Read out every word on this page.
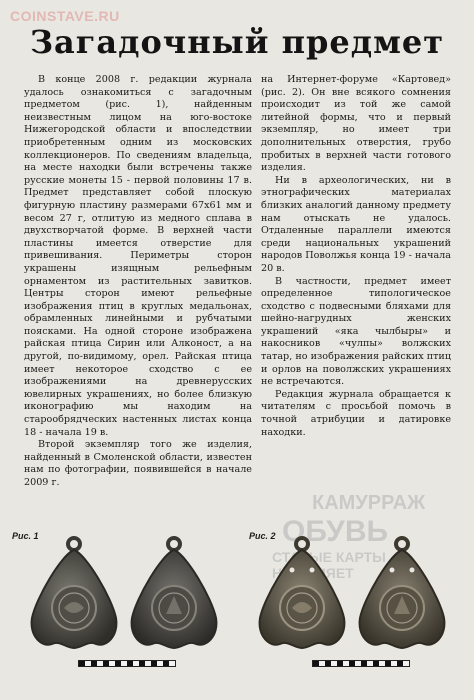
COINSTAVE.RU
Загадочный предмет

В конце 2008 г. редакции журнала удалось ознакомиться с загадочным предметом (рис. 1), найденным неизвестным лицом на юго-востоке Нижегородской области и впоследствии приобретенным одним из московских коллекционеров. По сведениям владельца, на месте находки были встречены также русские монеты 15 - первой половины 17 в. Предмет представляет собой плоскую фигурную пластину размерами 67х61 мм и весом 27 г, отлитую из медного сплава в двухстворчатой форме. В верхней части пластины имеется отверстие для привешивания. Периметры сторон украшены изящным рельефным орнаментом из растительных завитков. Центры сторон имеют рельефные изображения птиц в круглых медальонах, обрамленных линейными и рубчатыми поясками. На одной стороне изображена райская птица Сирин или Алконост, а на другой, по-видимому, орел. Райская птица имеет некоторое сходство с ее изображениями на древнерусских ювелирных украшениях, но более близкую иконографию мы находим на старообрядческих настенных листах конца 18 - начала 19 в.

Второй экземпляр того же изделия, найденный в Смоленской области, известен нам по фотографии, появившейся в начале 2009 г.

на Интернет-форуме «Картовед» (рис. 2). Он вне всякого сомнения происходит из той же самой литейной формы, что и первый экземпляр, но имеет три дополнительных отверстия, грубо пробитых в верхней части готового изделия.

Ни в археологических, ни в этнографических материалах близких аналогий данному предмету нам отыскать не удалось. Отдаленные параллели имеются среди национальных украшений народов Поволжья конца 19 - начала 20 в.

В частности, предмет имеет определенное типологическое сходство с подвесными бляхами для шейно-нагрудных женских украшений «яка чылбыры» и накосников «чулпы» волжских татар, но изображения райских птиц и орлов на поволжских украшениях не встречаются.

Редакция журнала обращается к читателям с просьбой помочь в точной атрибуции и датировке находки.

КАМУРРАЖ
ОБУВЬ
СТАРЫЕ КАРТЫ
ВЛИЯЕТ
Рис. 1	Рис. 2
